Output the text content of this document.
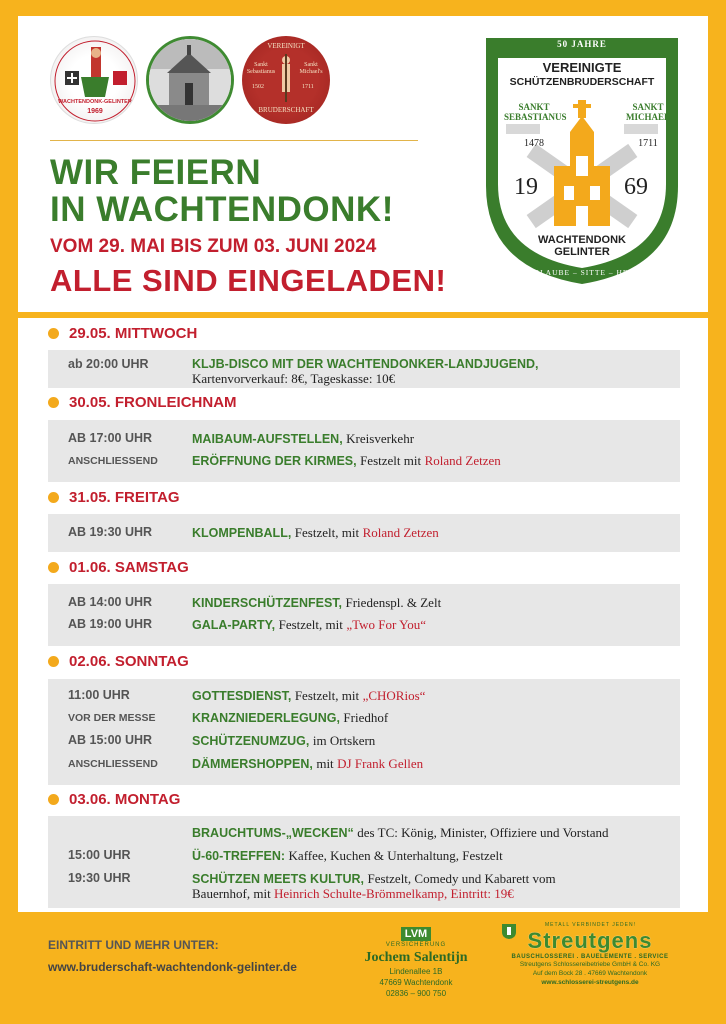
WACHTENDONK-GELINTER
1969
VEREINIGT
Sankt Sebastianus
Sankt Michael's
1502	1711
BRUDERSCHAFT
WIR FEIERN
IN WACHTENDONK!
VOM 29. MAI BIS ZUM 03. JUNI 2024
ALLE SIND EINGELADEN!
50 JAHRE
VEREINIGTE
SCHÜTZENBRUDERSCHAFT
SANKT
SEBASTIANUS
1478
SANKT
MICHAEL
1711
19	69
WACHTENDONK
GELINTER
FÜR GLAUBE – SITTE – HEIMAT
29.05. MITTWOCH
ab 20:00 UHR	KLJB-DISCO MIT DER WACHTENDONKER-LANDJUGEND,
Kartenvorverkauf: 8€, Tageskasse: 10€
30.05. FRONLEICHNAM
AB 17:00 UHR	MAIBAUM-AUFSTELLEN, Kreisverkehr
ANSCHLIESSEND	ERÖFFNUNG DER KIRMES, Festzelt mit Roland Zetzen
31.05. FREITAG
AB 19:30 UHR	KLOMPENBALL, Festzelt, mit Roland Zetzen
01.06. SAMSTAG
AB 14:00 UHR	KINDERSCHÜTZENFEST, Friedenspl. & Zelt
AB 19:00 UHR	GALA-PARTY, Festzelt, mit „Two For You“
02.06. SONNTAG
11:00 UHR	GOTTESDIENST, Festzelt, mit „CHORios“
VOR DER MESSE	KRANZNIEDERLEGUNG, Friedhof
AB 15:00 UHR	SCHÜTZENUMZUG, im Ortskern
ANSCHLIESSEND	DÄMMERSHOPPEN, mit DJ Frank Gellen
03.06. MONTAG
BRAUCHTUMS-„WECKEN“ des TC: König, Minister, Offiziere und Vorstand
15:00 UHR	Ü-60-TREFFEN: Kaffee, Kuchen & Unterhaltung, Festzelt
19:30 UHR	SCHÜTZEN MEETS KULTUR, Festzelt, Comedy und Kabarett vom
Bauernhof, mit Heinrich Schulte-Brömmelkamp, Eintritt: 19€
EINTRITT UND MEHR UNTER:
www.bruderschaft-wachtendonk-gelinter.de
LVM
VERSICHERUNG
Jochem Salentijn
Lindenallee 1B
47669 Wachtendonk
02836 – 900 750
METALL VERBINDET JEDEN!
Streutgens
BAUSCHLOSSEREI . BAUELEMENTE . SERVICE
Streutgens Schlossereibetriebe GmbH & Co. KG
Auf dem Bock 28 . 47669 Wachtendonk
www.schlosserei-streutgens.de
